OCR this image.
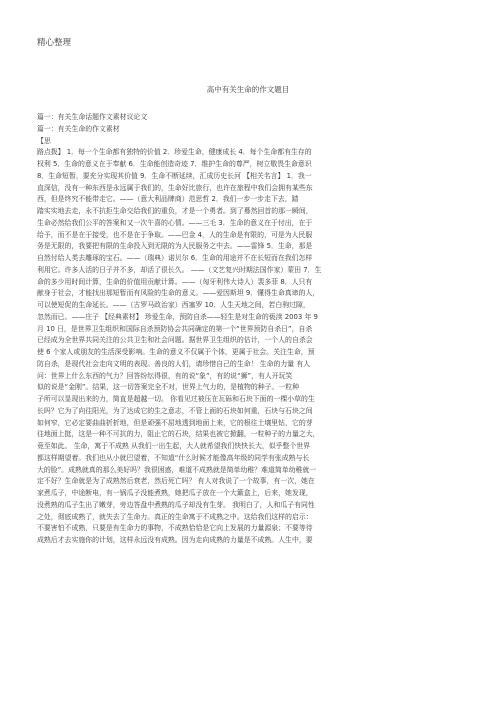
精心整理
高中有关生命的作文题目
篇一：有关生命话题作文素材议论文
篇一：有关生命的作文素材
【思
路点拨】 1．每一个生命都有独特的价值 2．珍爱生命，健康成长 4．每个生命都有生存的
权利 5．生命的意义在于奉献 6．生命能创造奇迹 7．维护生命的尊严，树立敬畏生命意识
8．生命短暂，要充分实现其价值 9．生命不断延续，汇成历史长河 【相关名言】 1．我一
直深信，没有一种东西是永远属于我们的，生命好比旅行，也许在旅程中我们会拥有某些东
西，但是终究不能带走它。——（意大利品牌商）范思哲 2．我们一步一步走下去，踏
踏实实地去走，永不抗拒生命交给我们的重负，才是一个勇者。到了蓦然回首的那一瞬间，
生命必然给我们公平的答案和又一次午喜的心情。——三毛 3．生命的意义在于付出，在于
给予，而不是在于接受，也不是在于争取。——巴金 4．人的生命是有限的，可是为人民服
务是无限的，我要把有限的生命投入到无限的为人民服务之中去。——雷锋 5．生命，那是
自然付给人类去雕琢的宝石。——（瑞典）诺贝尔 6．生命的用途并不在长短而在我们怎样
利用它。许多人活的日子并不多，却活了很长久。 ——（文艺复兴时期法国作家）蒙田 7．生
命的多少用时间计算，生命的价值用贡献计算。——（匈牙利伟大诗人）裴多菲 8．人只有
献身于社会，才能找出那短暂而有风险的生命的意义。——爱因斯坦 9．懂得生命真谛的人，
可以使短促的生命延长。——（古罗马政治家）西塞罗 10．人生天地之间，若白驹过隙，
忽然而已。——庄子 【经典素材】 珍爱生命，预防自杀——轻生是对生命的亵渎 2003 年 9
月 10 日，是世界卫生组织和国际自杀预防协会共同确定的第一个“世界预防自杀日”，自杀
已经成为全世界共同关注的公共卫生和社会问题。据世界卫生组织的估计，一个人的自杀会
使 6 个家人或朋友的生活深受影响。生命的意义不仅属于个体，更属于社会。关注生命，预
防自杀，是现代社会走向文明的表现。善良的人们，请珍惜自己的生命！ 生命的力量 有人
问：世界上什么东西的气力？回答纷纭得很，有的说“象”，有的说“狮”，有人开玩笑
似的说是“金刚”。结果，这一切答案完全不对，世界上气力的，是植物的种子。一粒种
子所可以显现出来的力，简直是超越一切。 你看见过被压在瓦砾和石块下面的一棵小草的生
长吗？它为了向往阳光，为了达成它的生之意志，不管上面的石块如何重，石块与石块之间
如何窄，它必定要曲曲折折地，但是顽强不屈地透到地面上来，它的根往土壤里钻，它的芽
往地面上挺，这是一种不可抗的力，阻止它的石块，结果也被它掀翻，一粒种子的力量之大，
竟至如此。 生命，寓于不成熟 从我们一出生起，大人就希望我们快快长大，似乎整个世界
都这样期望着。我们也从小就巴望着，不知道“什么时候才能像高年级的同学有张成熟与长
大的脸”。成熟就真的那么美好吗？我很困惑，难道不成熟就是简单幼稚？难道简单幼稚就一
定不好？生命就是为了成熟然后衰老，然后死亡吗？ 有人对我说了一个故事，有一次，她在
家煮瓜子，中途断电，有一锅瓜子没能煮熟，她把瓜子放在一个大簸盒上，后来，她发现，
没煮熟的瓜子生出了嫩芽，旁边答盘中煮熟的瓜子却没有生芽。 我明白了，人和瓜子有同性
之处，彻底成熟了，就失去了生命力。真正的生命寓于不成熟之中。这给我们这样的启示：
不要害怕不成熟，只要是有生命力的事物，不成熟恰恰是它向上发展的力量源泉；不要等待
成熟后才去实施你的计划，这样永远没有成熟。因为走向成熟的力量是不成熟。人生中，要
